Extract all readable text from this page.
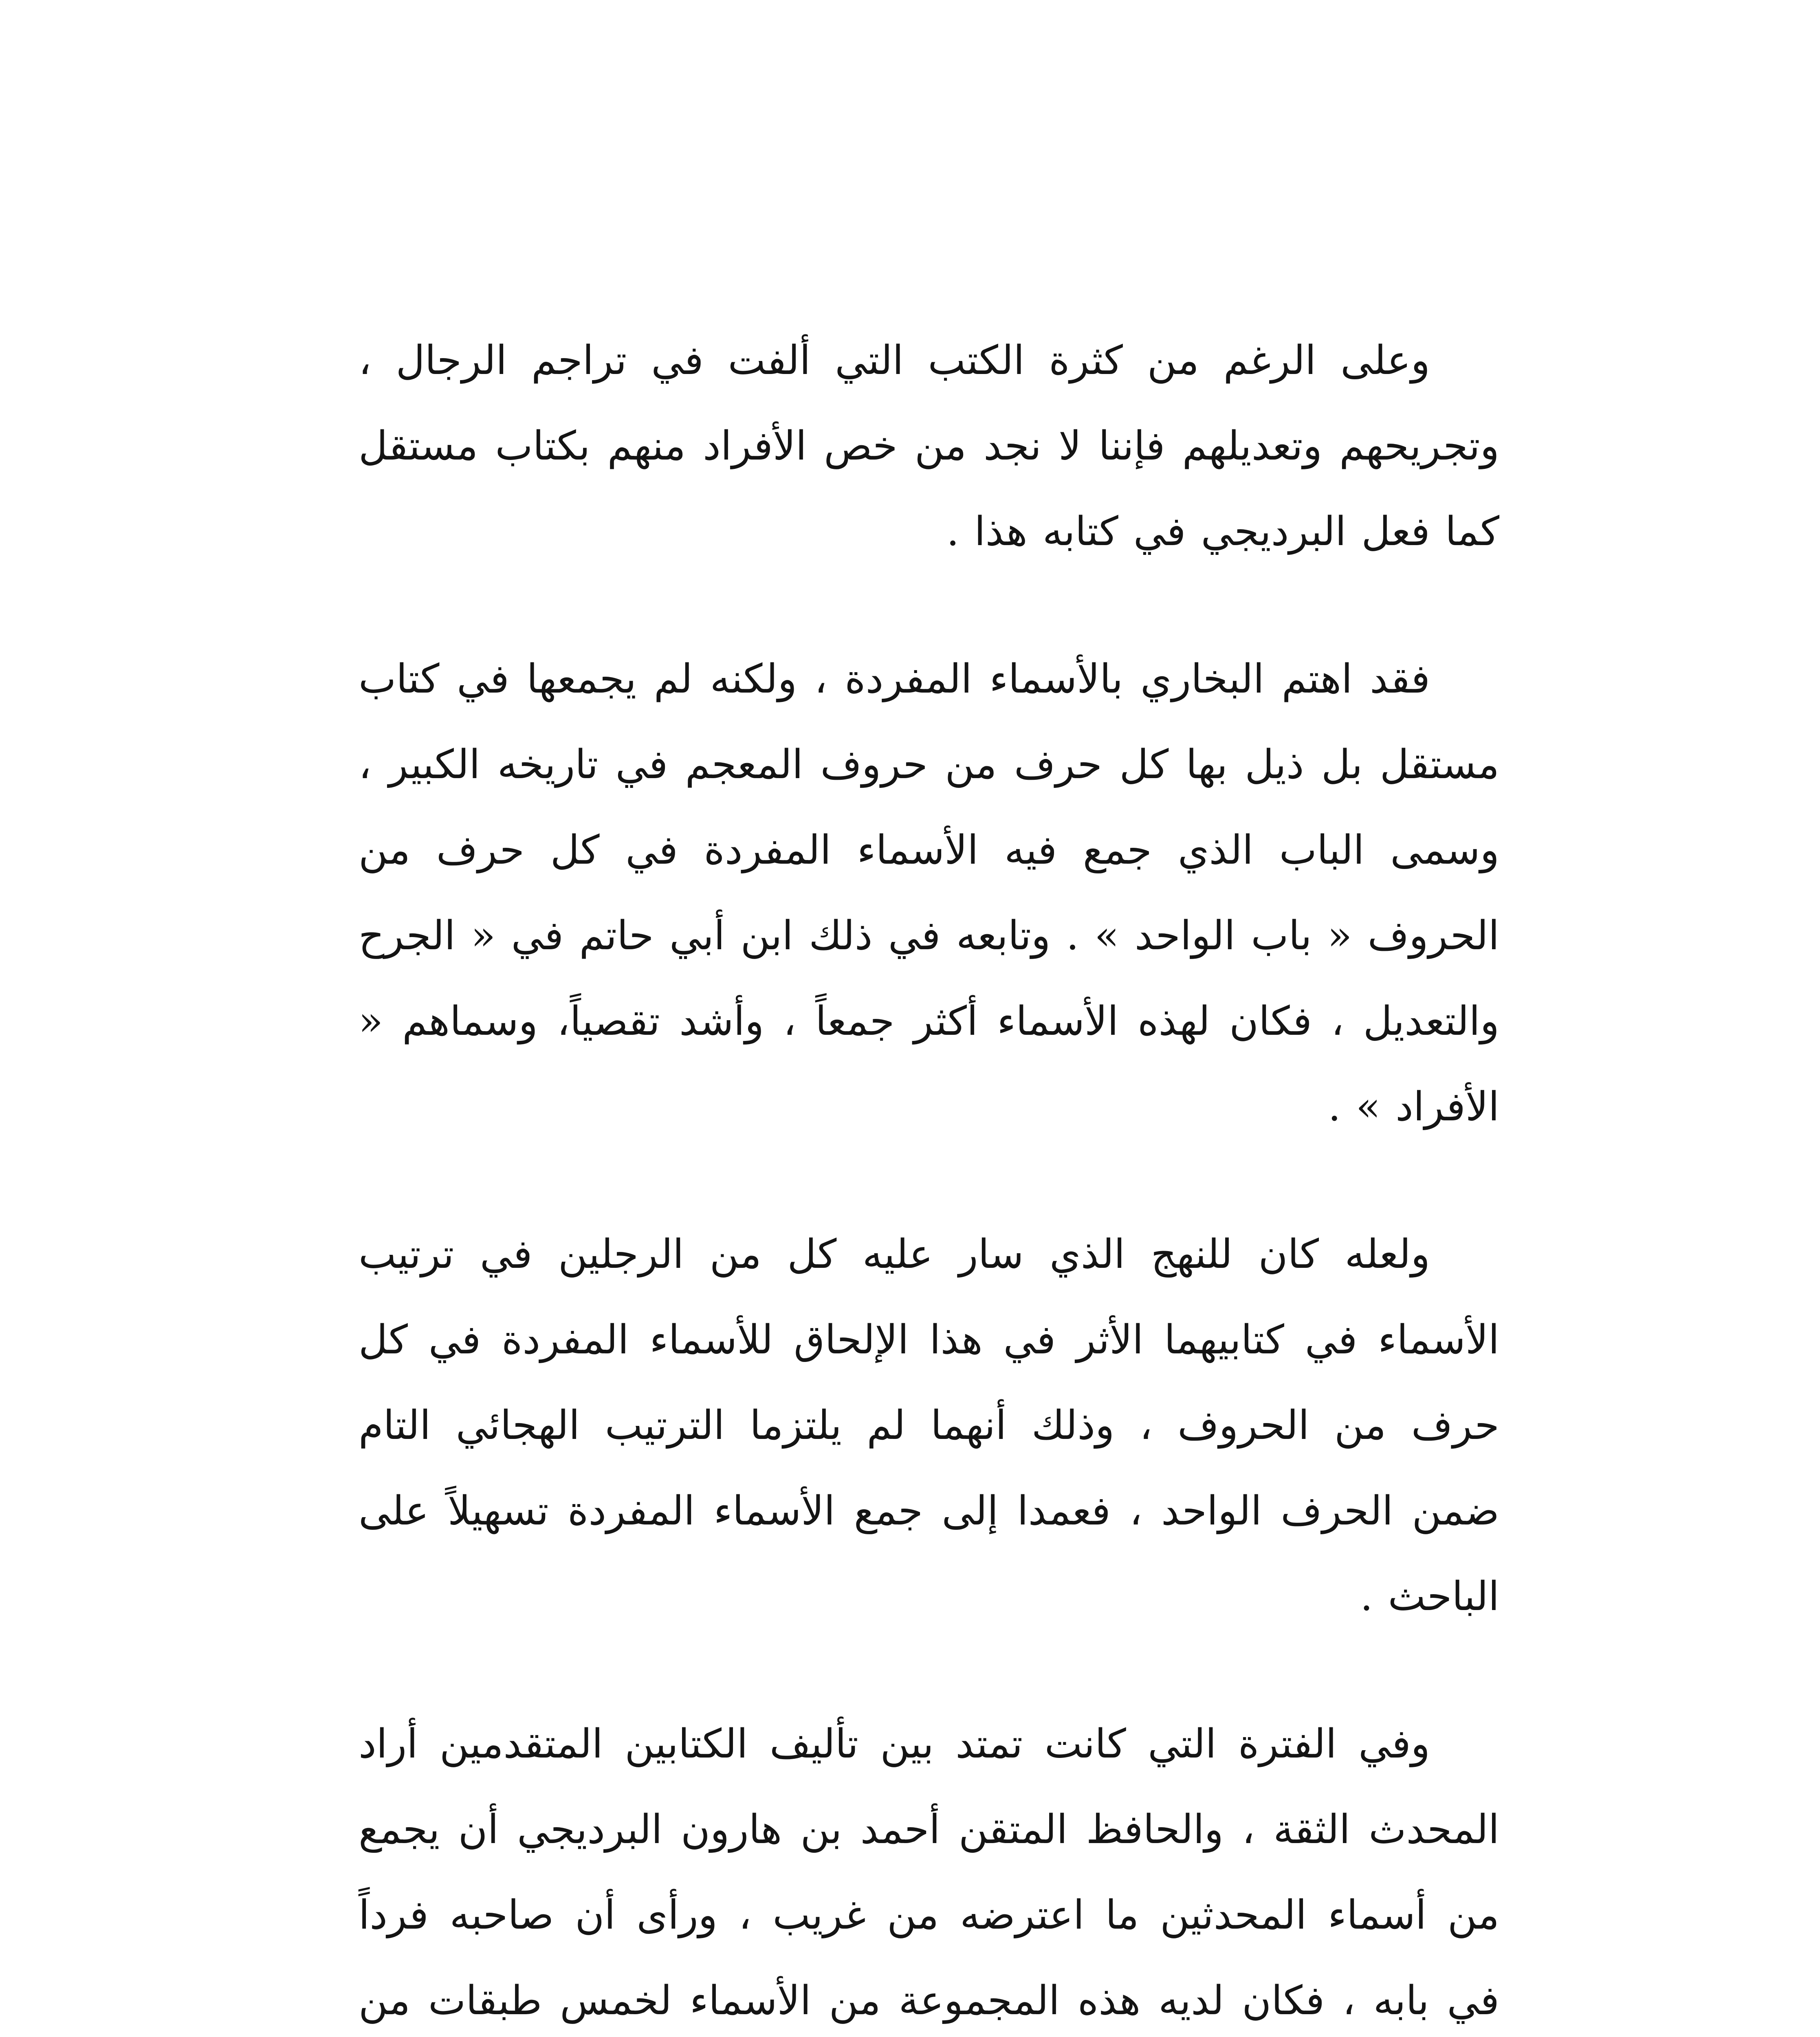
وعلى الرغم من كثرة الكتب التي ألفت في تراجم الرجال ، وتجريحهم وتعديلهم فإننا لا نجد من خص الأفراد منهم بكتاب مستقل كما فعل البرديجي في كتابه هذا .

فقد اهتم البخاري بالأسماء المفردة ، ولكنه لم يجمعها في كتاب مستقل بل ذيل بها كل حرف من حروف المعجم في تاريخه الكبير ، وسمى الباب الذي جمع فيه الأسماء المفردة في كل حرف من الحروف « باب الواحد » . وتابعه في ذلك ابن أبي حاتم في « الجرح والتعديل ، فكان لهذه الأسماء أكثر جمعاً ، وأشد تقصياً، وسماهم « الأفراد » .

ولعله كان للنهج الذي سار عليه كل من الرجلين في ترتيب الأسماء في كتابيهما الأثر في هذا الإلحاق للأسماء المفردة في كل حرف من الحروف ، وذلك أنهما لم يلتزما الترتيب الهجائي التام ضمن الحرف الواحد ، فعمدا إلى جمع الأسماء المفردة تسهيلاً على الباحث .

وفي الفترة التي كانت تمتد بين تأليف الكتابين المتقدمين أراد المحدث الثقة ، والحافظ المتقن أحمد بن هارون البرديجي أن يجمع من أسماء المحدثين ما اعترضه من غريب ، ورأى أن صاحبه فرداً في بابه ، فكان لديه هذه المجموعة من الأسماء لخمس طبقات من
